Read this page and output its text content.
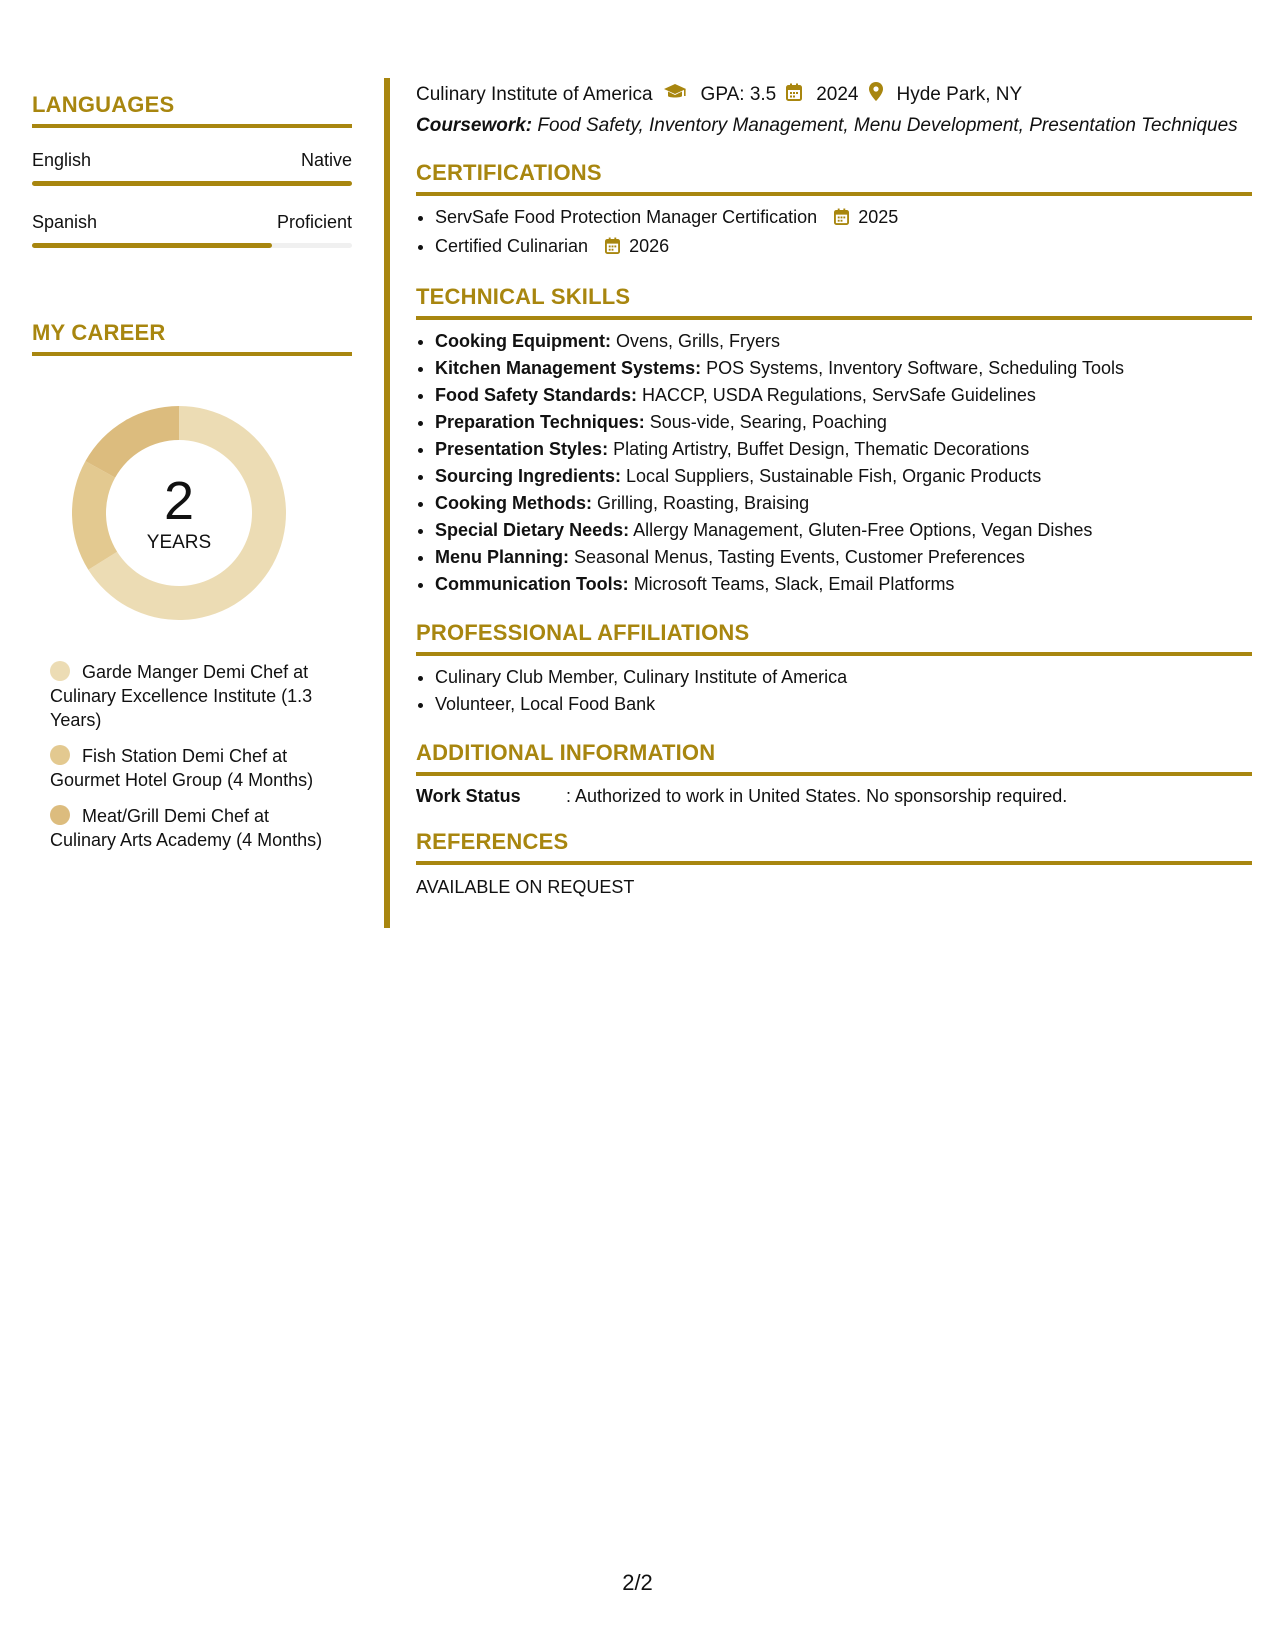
LANGUAGES
English	Native
Spanish	Proficient
MY CAREER
2
YEARS
Garde Manger Demi Chef at Culinary Excellence Institute (1.3 Years)
Fish Station Demi Chef at Gourmet Hotel Group (4 Months)
Meat/Grill Demi Chef at Culinary Arts Academy (4 Months)
Culinary Institute of America	GPA: 3.5 2024 Hyde Park, NY
Coursework: Food Safety, Inventory Management, Menu Development, Presentation Techniques
CERTIFICATIONS
• ServSafe Food Protection Manager Certification 2025
• Certified Culinarian 2026
TECHNICAL SKILLS
• Cooking Equipment: Ovens, Grills, Fryers
• Kitchen Management Systems: POS Systems, Inventory Software, Scheduling Tools
• Food Safety Standards: HACCP, USDA Regulations, ServSafe Guidelines
• Preparation Techniques: Sous-vide, Searing, Poaching
• Presentation Styles: Plating Artistry, Buffet Design, Thematic Decorations
• Sourcing Ingredients: Local Suppliers, Sustainable Fish, Organic Products
• Cooking Methods: Grilling, Roasting, Braising
• Special Dietary Needs: Allergy Management, Gluten-Free Options, Vegan Dishes
• Menu Planning: Seasonal Menus, Tasting Events, Customer Preferences
• Communication Tools: Microsoft Teams, Slack, Email Platforms
PROFESSIONAL AFFILIATIONS
• Culinary Club Member, Culinary Institute of America
• Volunteer, Local Food Bank
ADDITIONAL INFORMATION
Work Status	: Authorized to work in United States. No sponsorship required.
REFERENCES
AVAILABLE ON REQUEST
2/2
